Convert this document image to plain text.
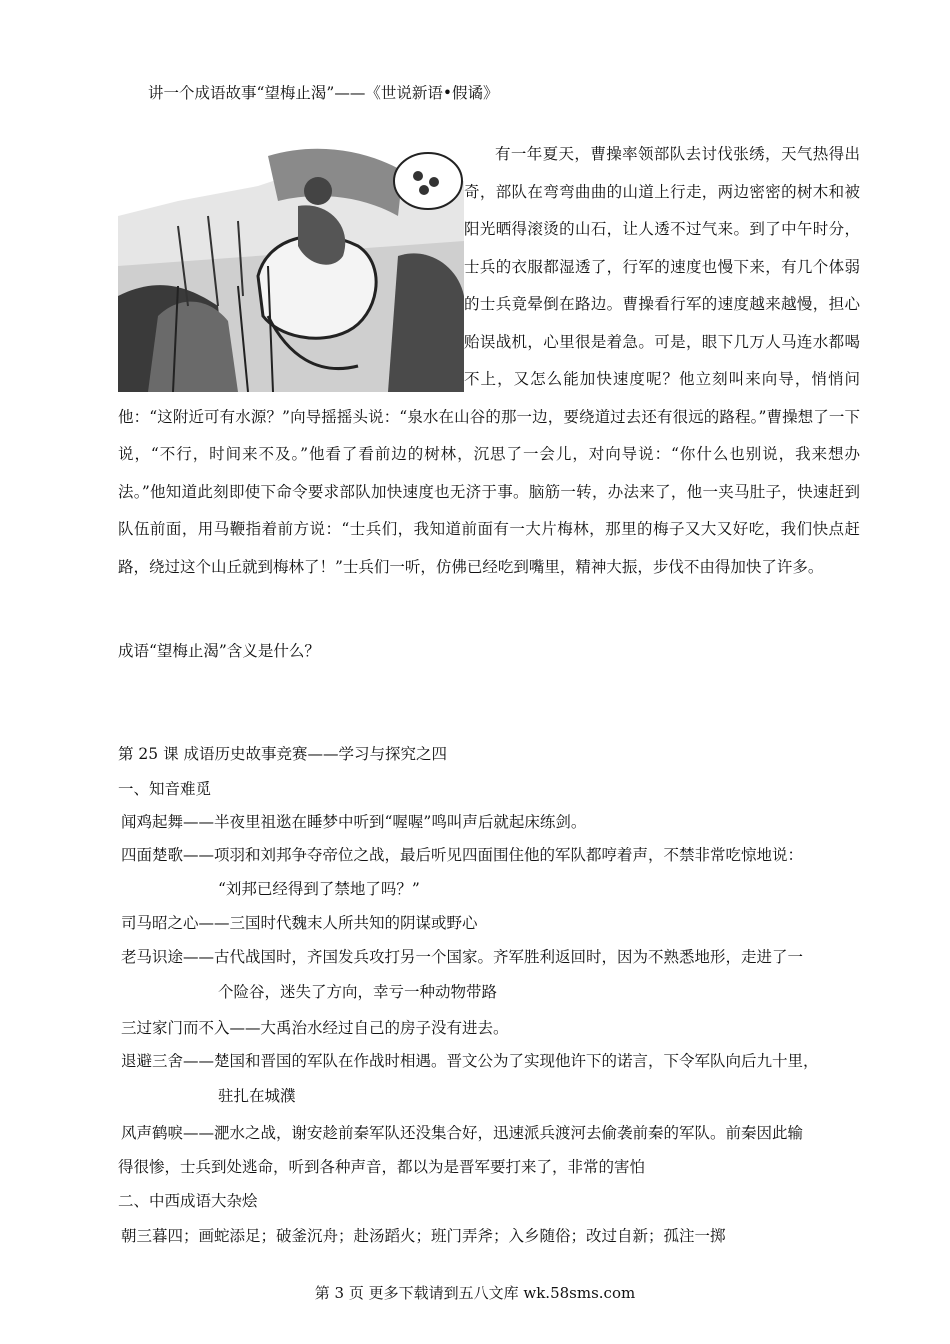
讲一个成语故事“望梅止渴”——《世说新语•假谲》

有一年夏天，曹操率领部队去讨伐张绣，天气热得出奇，部队在弯弯曲曲的山道上行走，两边密密的树木和被阳光晒得滚烫的山石，让人透不过气来。到了中午时分，士兵的衣服都湿透了，行军的速度也慢下来，有几个体弱的士兵竟晕倒在路边。曹操看行军的速度越来越慢，担心贻误战机，心里很是着急。可是，眼下几万人马连水都喝不上，又怎么能加快速度呢？他立刻叫来向导，悄悄问他：“这附近可有水源？”向导摇摇头说：“泉水在山谷的那一边，要绕道过去还有很远的路程。”曹操想了一下说，“不行，时间来不及。”他看了看前边的树林，沉思了一会儿，对向导说：“你什么也别说，我来想办法。”他知道此刻即使下命令要求部队加快速度也无济于事。脑筋一转，办法来了，他一夹马肚子，快速赶到队伍前面，用马鞭指着前方说：“士兵们，我知道前面有一大片梅林，那里的梅子又大又好吃，我们快点赶路，绕过这个山丘就到梅林了！”士兵们一听，仿佛已经吃到嘴里，精神大振，步伐不由得加快了许多。

成语“望梅止渴”含义是什么？
第 25 课 成语历史故事竞赛——学习与探究之四
一、知音难觅
闻鸡起舞——半夜里祖逖在睡梦中听到“喔喔”鸣叫声后就起床练剑。
四面楚歌——项羽和刘邦争夺帝位之战，最后听见四面围住他的军队都哼着声，不禁非常吃惊地说：
“刘邦已经得到了禁地了吗？”
司马昭之心——三国时代魏末人所共知的阴谋或野心
老马识途——古代战国时，齐国发兵攻打另一个国家。齐军胜利返回时，因为不熟悉地形，走进了一
个险谷，迷失了方向，幸亏一种动物带路
三过家门而不入——大禹治水经过自己的房子没有进去。
退避三舍——楚国和晋国的军队在作战时相遇。晋文公为了实现他许下的诺言，下令军队向后九十里，
驻扎在城濮
风声鹤唳——淝水之战，谢安趁前秦军队还没集合好，迅速派兵渡河去偷袭前秦的军队。前秦因此输
得很惨，士兵到处逃命，听到各种声音，都以为是晋军要打来了，非常的害怕
二、中西成语大杂烩
朝三暮四；画蛇添足；破釜沉舟；赴汤蹈火；班门弄斧；入乡随俗；改过自新；孤注一掷
第 3 页 更多下载请到五八文库 wk.58sms.com
